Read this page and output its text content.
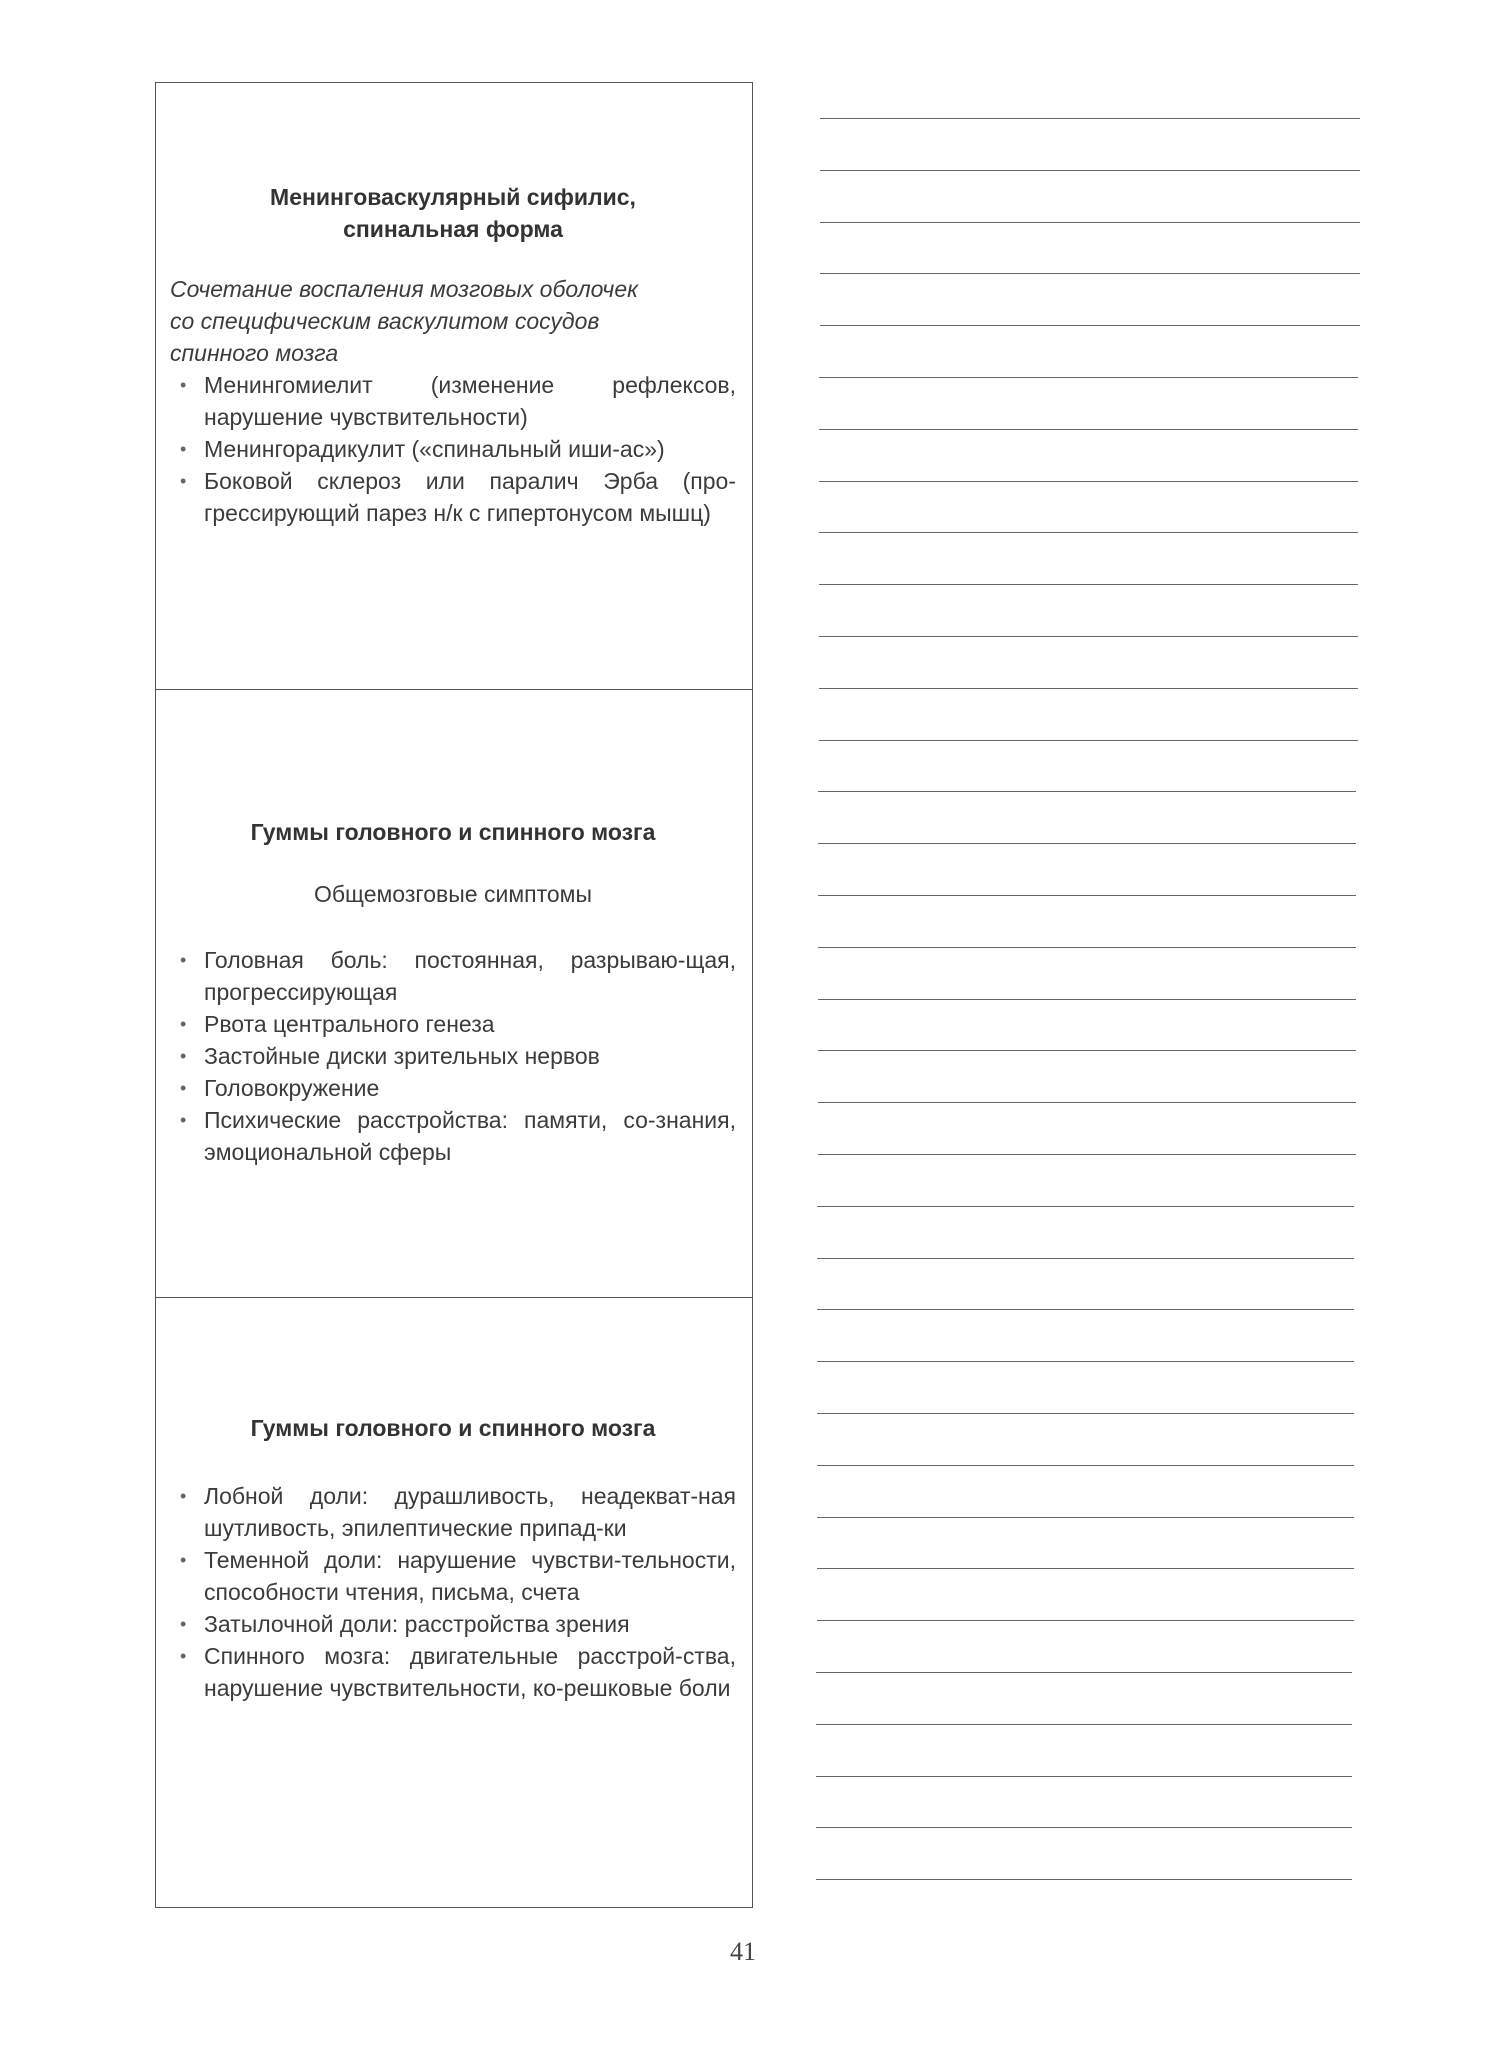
Менинговаскулярный сифилис,
спинальная форма

Сочетание воспаления мозговых оболочек
со специфическим васкулитом сосудов
спинного мозга

• Менингомиелит (изменение рефлексов, нарушение чувствительности)
• Менингорадикулит («спинальный иши-ас»)
• Боковой склероз или паралич Эрба (про-грессирующий парез н/к с гипертонусом мышц)

Гуммы головного и спинного мозга

Общемозговые симптомы

• Головная боль: постоянная, разрываю-щая, прогрессирующая
• Рвота центрального генеза
• Застойные диски зрительных нервов
• Головокружение
• Психические расстройства: памяти, со-знания, эмоциональной сферы

Гуммы головного и спинного мозга

• Лобной доли: дурашливость, неадекват-ная шутливость, эпилептические припад-ки
• Теменной доли: нарушение чувстви-тельности, способности чтения, письма, счета
• Затылочной доли: расстройства зрения
• Спинного мозга: двигательные расстрой-ства, нарушение чувствительности, ко-решковые боли
41
